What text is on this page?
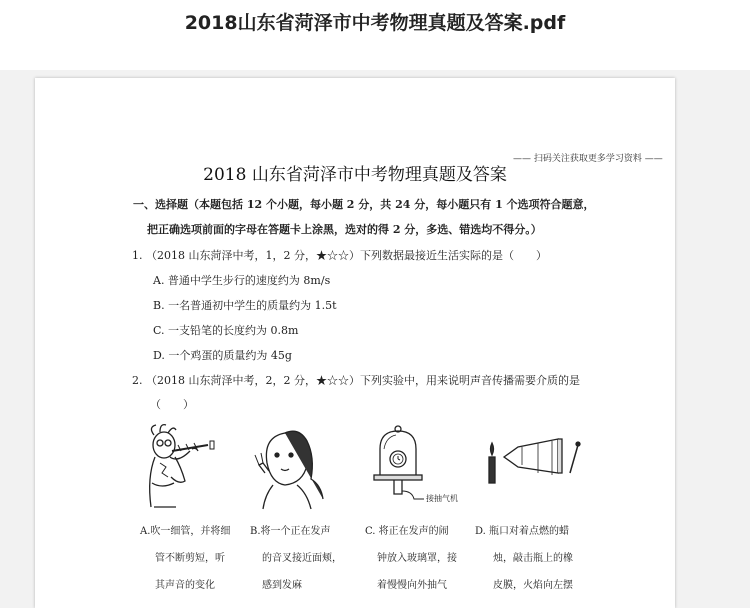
2018山东省菏泽市中考物理真题及答案.pdf
—— 扫码关注获取更多学习资料 ——
2018 山东省菏泽市中考物理真题及答案
一、选择题（本题包括 12 个小题，每小题 2 分，共 24 分，每小题只有 1 个选项符合题意，
把正确选项前面的字母在答题卡上涂黑，选对的得 2 分，多选、错选均不得分。）
1. （2018 山东菏泽中考，1，2 分，★☆☆）下列数据最接近生活实际的是（　　）
A. 普通中学生步行的速度约为 8m/s
B. 一名普通初中学生的质量约为 1.5t
C. 一支铅笔的长度约为 0.8m
D. 一个鸡蛋的质量约为 45g
2. （2018 山东菏泽中考，2，2 分，★☆☆）下列实验中，用来说明声音传播需要介质的是
（　　）
接抽气机
A.吹一细管，并将细
管不断剪短，听
其声音的变化
B.将一个正在发声
的音叉接近面颊，
感到发麻
C. 将正在发声的闹
钟放入玻璃罩，接
着慢慢向外抽气
D. 瓶口对着点燃的蜡
烛，敲击瓶上的橡
皮膜，火焰向左摆
